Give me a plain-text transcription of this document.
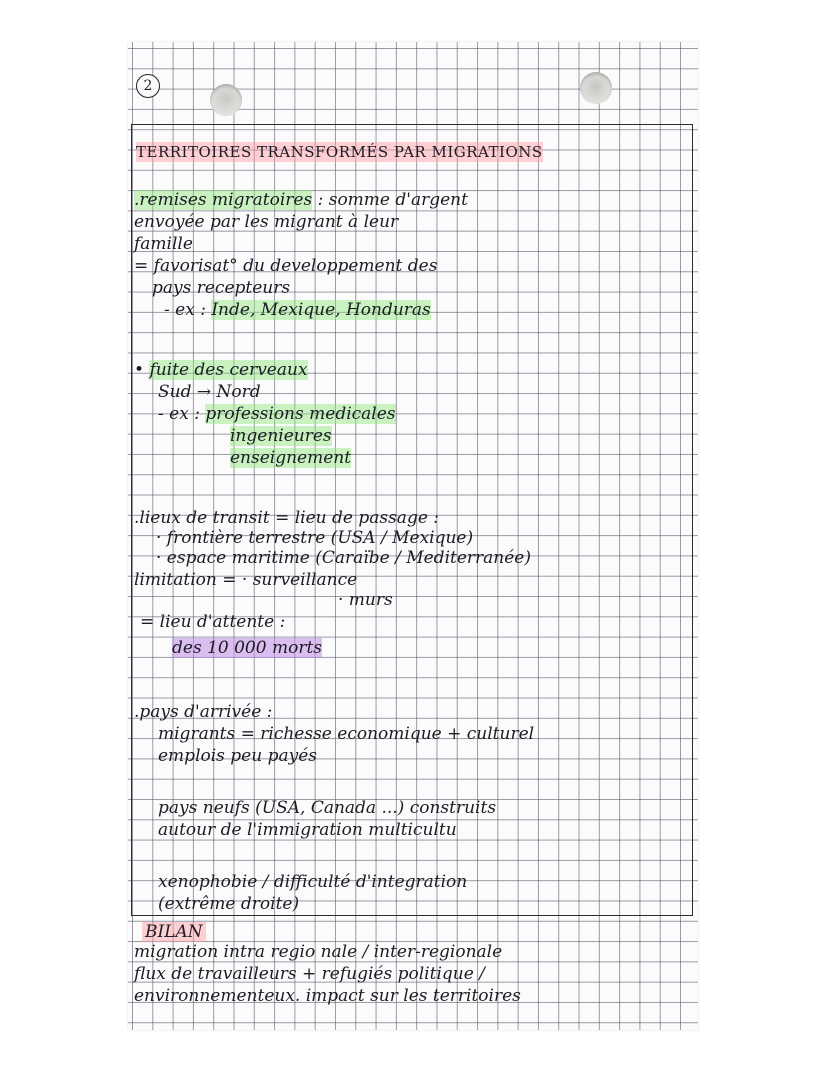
2
TERRITOIRES TRANSFORMÉS PAR MIGRATIONS
.remises migratoires : somme d'argent
envoyée par les migrant à leur
famille
= favorisat° du developpement des
pays recepteurs
- ex : Inde, Mexique, Honduras
• fuite des cerveaux
Sud → Nord
- ex : professions medicales
ingenieures
enseignement
.lieux de transit = lieu de passage :
· frontière terrestre (USA / Mexique)
· espace maritime (Caraïbe / Mediterranée)
limitation = · surveillance
· murs
= lieu d'attente :
des 10 000 morts
.pays d'arrivée :
migrants = richesse economique + culturel
emplois peu payés
pays neufs (USA, Canada ...) construits
autour de l'immigration multicultu
xenophobie / difficulté d'integration
(extrême droite)
BILAN
migration intra regio nale / inter-regionale
flux de travailleurs + refugiés politique /
environnementeux. impact sur les territoires
